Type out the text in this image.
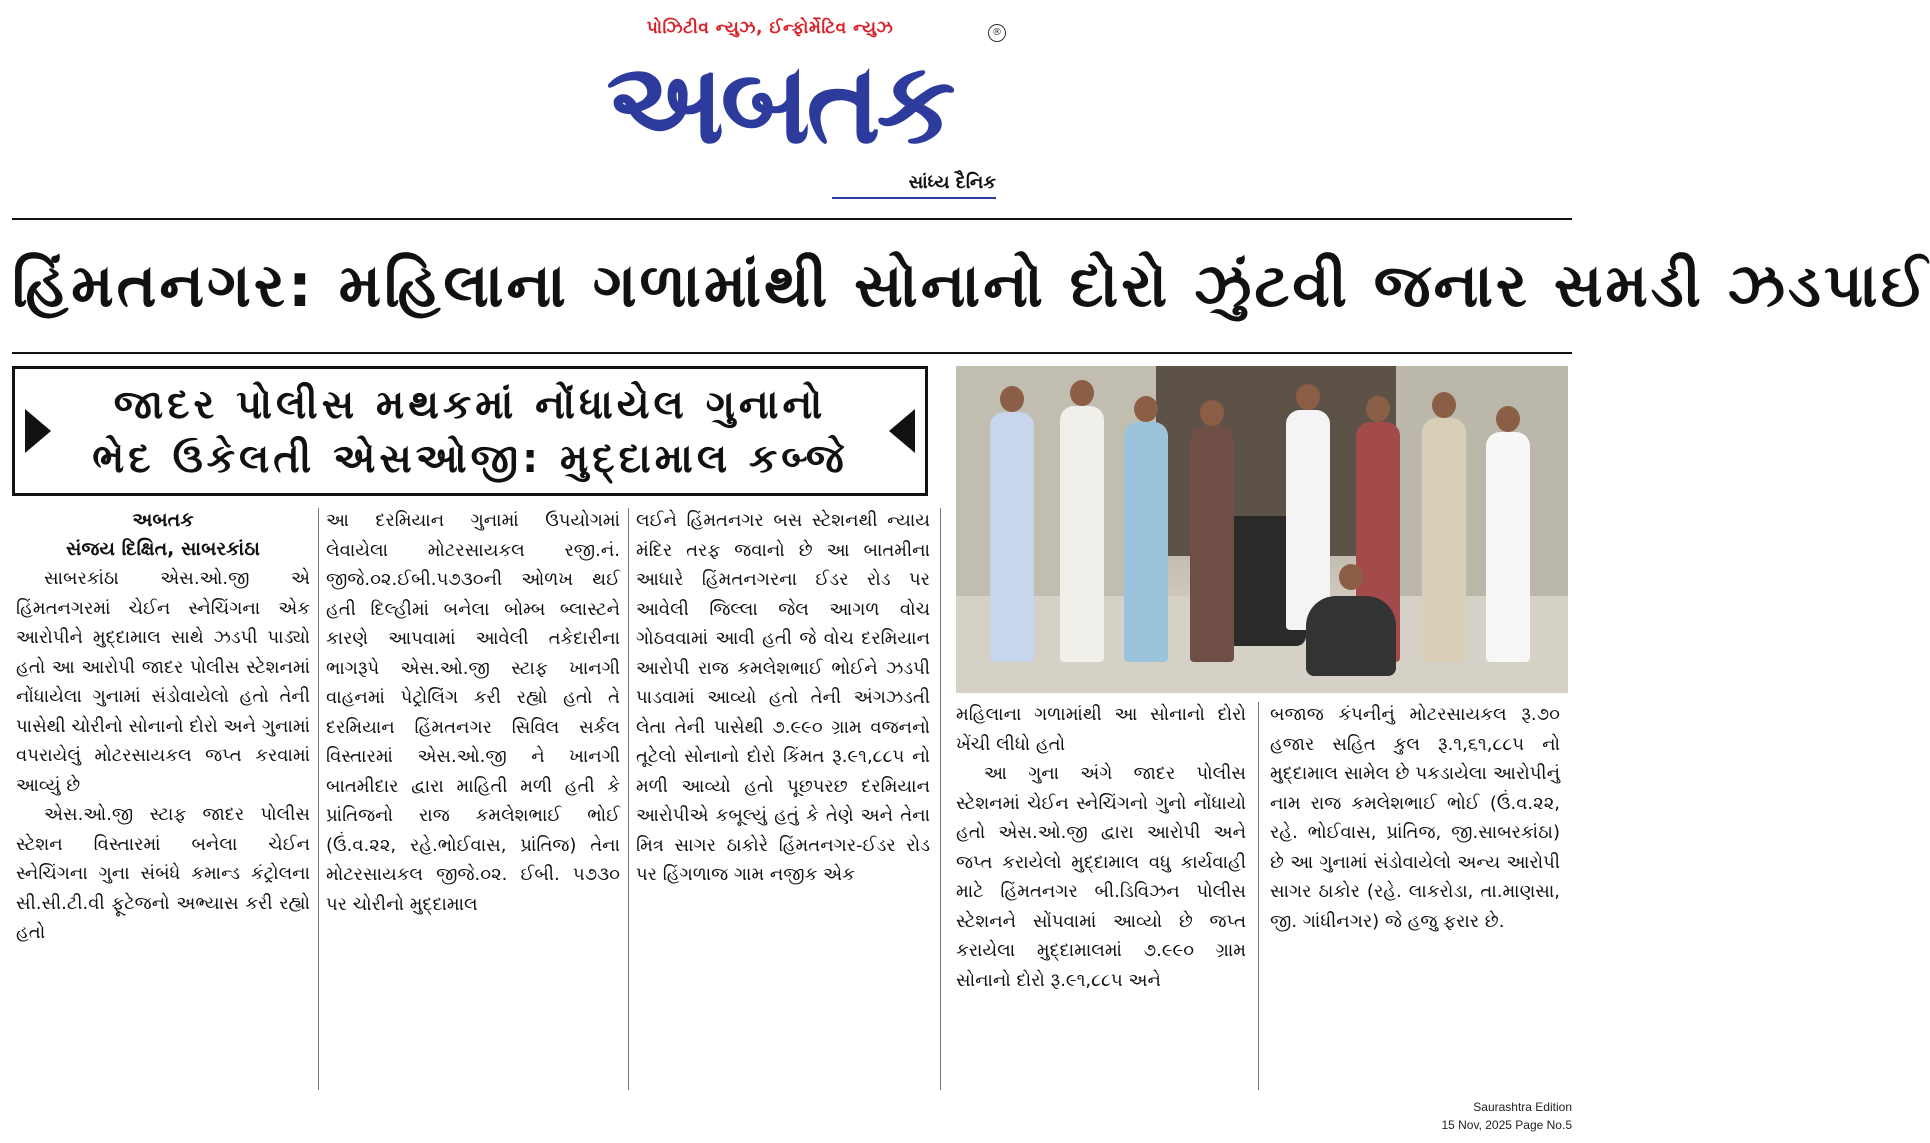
પોઝિટીવ ન્યુઝ, ઈન્ફોર્મેટિવ ન્યુઝ	®
અબતક
સાંધ્ય દૈનિક
હિંમતનગર: મહિલાના ગળામાંથી સોનાનો દોરો ઝુંટવી જનાર સમડી ઝડપાઈ
જાદર પોલીસ મથકમાં નોંધાયેલ ગુનાનો
ભેદ ઉકેલતી એસઓજી: મુદ્દામાલ કબ્જે
અબતક
સંજય દિક્ષિત, સાબરકાંઠા

સાબરકાંઠા એસ.ઓ.જી એ હિંમતનગરમાં ચેઈન સ્નેચિંગના એક આરોપીને મુદ્દામાલ સાથે ઝડપી પાડ્યો હતો આ આરોપી જાદર પોલીસ સ્ટેશનમાં નોંધાયેલા ગુનામાં સંડોવાયેલો હતો તેની પાસેથી ચોરીનો સોનાનો દોરો અને ગુનામાં વપરાયેલું મોટરસાયકલ જપ્ત કરવામાં આવ્યું છે

એસ.ઓ.જી સ્ટાફ જાદર પોલીસ સ્ટેશન વિસ્તારમાં બનેલા ચેઈન સ્નેચિંગના ગુના સંબંધે કમાન્ડ કંટ્રોલના સી.સી.ટી.વી ફૂટેજનો અભ્યાસ કરી રહ્યો હતો

આ દરમિયાન ગુનામાં ઉપયોગમાં લેવાયેલા મોટરસાયકલ રજી.નં. જીજે.૦૨.ઈબી.૫૭૩૦ની ઓળખ થઈ હતી દિલ્હીમાં બનેલા બોમ્બ બ્લાસ્ટને કારણે આપવામાં આવેલી તકેદારીના ભાગરૂપે એસ.ઓ.જી સ્ટાફ ખાનગી વાહનમાં પેટ્રોલિંગ કરી રહ્યો હતો તે દરમિયાન હિંમતનગર સિવિલ સર્કલ વિસ્તારમાં એસ.ઓ.જી ને ખાનગી બાતમીદાર દ્વારા માહિતી મળી હતી કે પ્રાંતિજનો રાજ કમલેશભાઈ ભોઈ (ઉં.વ.૨૨, રહે.ભોઈવાસ, પ્રાંતિજ) તેના મોટરસાયકલ જીજે.૦૨. ઈબી. ૫૭૩૦ પર ચોરીનો મુદ્દામાલ

લઈને હિંમતનગર બસ સ્ટેશનથી ન્યાય મંદિર તરફ જવાનો છે આ બાતમીના આધારે હિંમતનગરના ઈડર રોડ પર આવેલી જિલ્લા જેલ આગળ વોચ ગોઠવવામાં આવી હતી જે વોચ દરમિયાન આરોપી રાજ કમલેશભાઈ ભોઈને ઝડપી પાડવામાં આવ્યો હતો તેની અંગઝડતી લેતા તેની પાસેથી ૭.૯૯૦ ગ્રામ વજનનો તૂટેલો સોનાનો દોરો કિંમત રૂ.૯૧,૮૮૫ નો મળી આવ્યો હતો પૂછપરછ દરમિયાન આરોપીએ કબૂલ્યું હતું કે તેણે અને તેના મિત્ર સાગર ઠાકોરે હિંમતનગર-ઈડર રોડ પર હિંગળાજ ગામ નજીક એક

મહિલાના ગળામાંથી આ સોનાનો દોરો ખેંચી લીધો હતો

આ ગુના અંગે જાદર પોલીસ સ્ટેશનમાં ચેઈન સ્નેચિંગનો ગુનો નોંધાયો હતો એસ.ઓ.જી દ્વારા આરોપી અને જપ્ત કરાયેલો મુદ્દામાલ વધુ કાર્યવાહી માટે હિંમતનગર બી.ડિવિઝન પોલીસ સ્ટેશનને સોંપવામાં આવ્યો છે જપ્ત કરાયેલા મુદ્દામાલમાં ૭.૯૯૦ ગ્રામ સોનાનો દોરો રૂ.૯૧,૮૮૫ અને

બજાજ કંપનીનું મોટરસાયકલ રૂ.૭૦ હજાર સહિત કુલ રૂ.૧,૬૧,૮૮૫ નો મુદ્દામાલ સામેલ છે પકડાયેલા આરોપીનું નામ રાજ કમલેશભાઈ ભોઈ (ઉં.વ.૨૨, રહે. ભોઈવાસ, પ્રાંતિજ, જી.સાબરકાંઠા) છે આ ગુનામાં સંડોવાયેલો અન્ય આરોપી સાગર ઠાકોર (રહે. લાકરોડા, તા.માણસા, જી. ગાંધીનગર) જે હજુ ફરાર છે.

Saurashtra Edition
15 Nov, 2025 Page No.5
